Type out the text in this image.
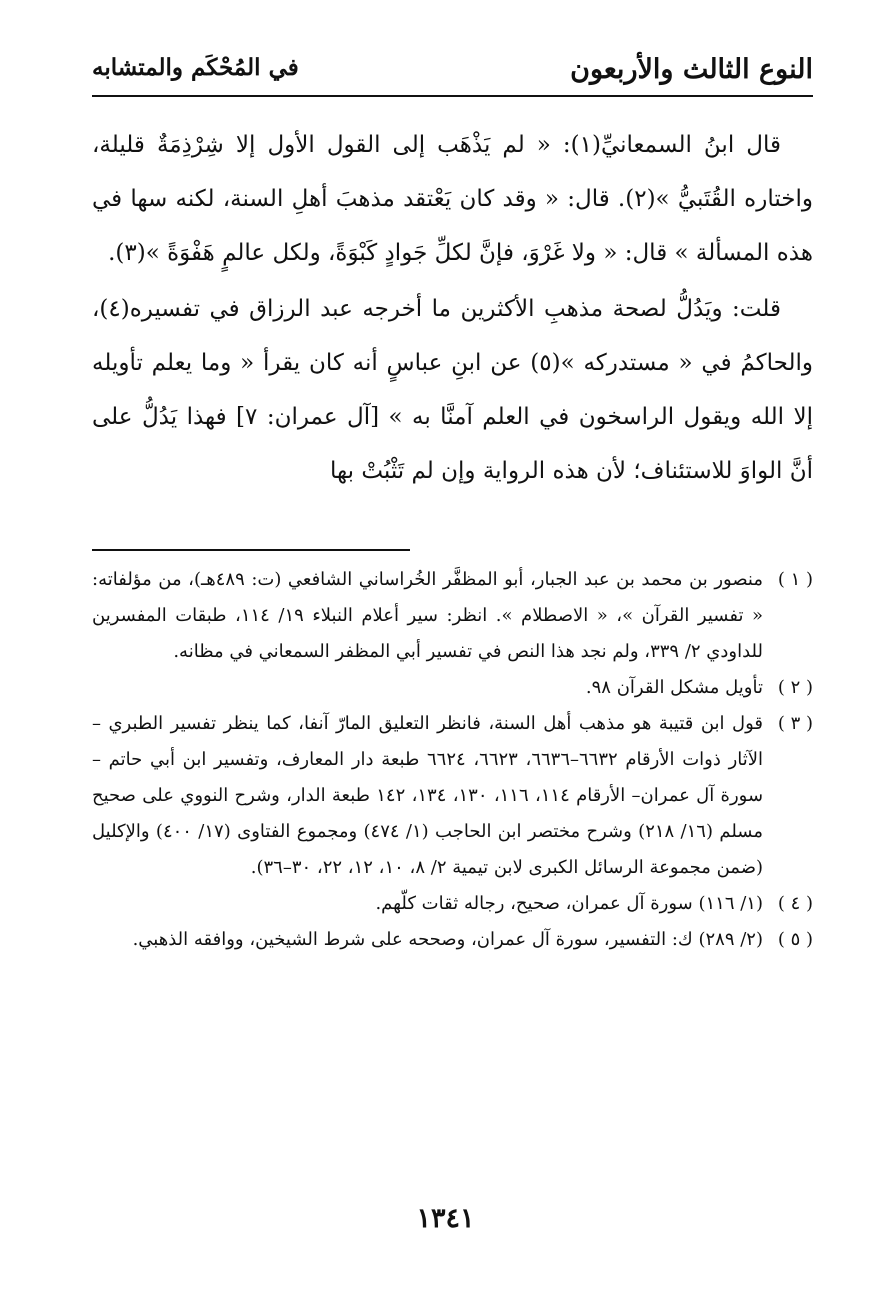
النوع الثالث والأربعون
في المُحْكَم والمتشابه

قال ابنُ السمعانيِّ(١): « لم يَذْهَب إلى القول الأول إلا شِرْذِمَةٌ قليلة، واختاره القُتَبيُّ »(٢). قال: « وقد كان يَعْتقد مذهبَ أهلِ السنة، لكنه سها في هذه المسألة » قال: « ولا غَرْوَ، فإنَّ لكلِّ جَوادٍ كَبْوَةً، ولكل عالمٍ هَفْوَةً »(٣).

قلت: ويَدُلُّ لصحة مذهبِ الأكثرين ما أخرجه عبد الرزاق في تفسيره(٤)، والحاكمُ في « مستدركه »(٥) عن ابنِ عباسٍ أنه كان يقرأ « وما يعلم تأويله إلا الله ويقول الراسخون في العلم آمنَّا به » [آل عمران: ٧] فهذا يَدُلُّ على أنَّ الواوَ للاستئناف؛ لأن هذه الرواية وإن لم تَثْبُتْ بها

( ١ )
منصور بن محمد بن عبد الجبار، أبو المظفَّر الخُراساني الشافعي (ت: ٤٨٩هـ)، من مؤلفاته: « تفسير القرآن »، « الاصطلام ». انظر: سير أعلام النبلاء ١٩/ ١١٤، طبقات المفسرين للداودي ٢/ ٣٣٩، ولم نجد هذا النص في تفسير أبي المظفر السمعاني في مظانه.
( ٢ )
تأويل مشكل القرآن ٩٨.
( ٣ )
قول ابن قتيبة هو مذهب أهل السنة، فانظر التعليق المارّ آنفا، كما ينظر تفسير الطبري –الآثار ذوات الأرقام ٦٦٣٢–٦٦٣٦، ٦٦٢٣، ٦٦٢٤ طبعة دار المعارف، وتفسير ابن أبي حاتم –سورة آل عمران– الأرقام ١١٤، ١١٦، ١٣٠، ١٣٤، ١٤٢ طبعة الدار، وشرح النووي على صحيح مسلم (١٦/ ٢١٨) وشرح مختصر ابن الحاجب (١/ ٤٧٤) ومجموع الفتاوى (١٧/ ٤٠٠) والإكليل (ضمن مجموعة الرسائل الكبرى لابن تيمية ٢/ ٨، ١٠، ١٢، ٢٢، ٣٠–٣٦).
( ٤ )
(١/ ١١٦) سورة آل عمران، صحيح، رجاله ثقات كلّهم.
( ٥ )
(٢/ ٢٨٩) ك: التفسير، سورة آل عمران، وصححه على شرط الشيخين، ووافقه الذهبي.
١٣٤١
